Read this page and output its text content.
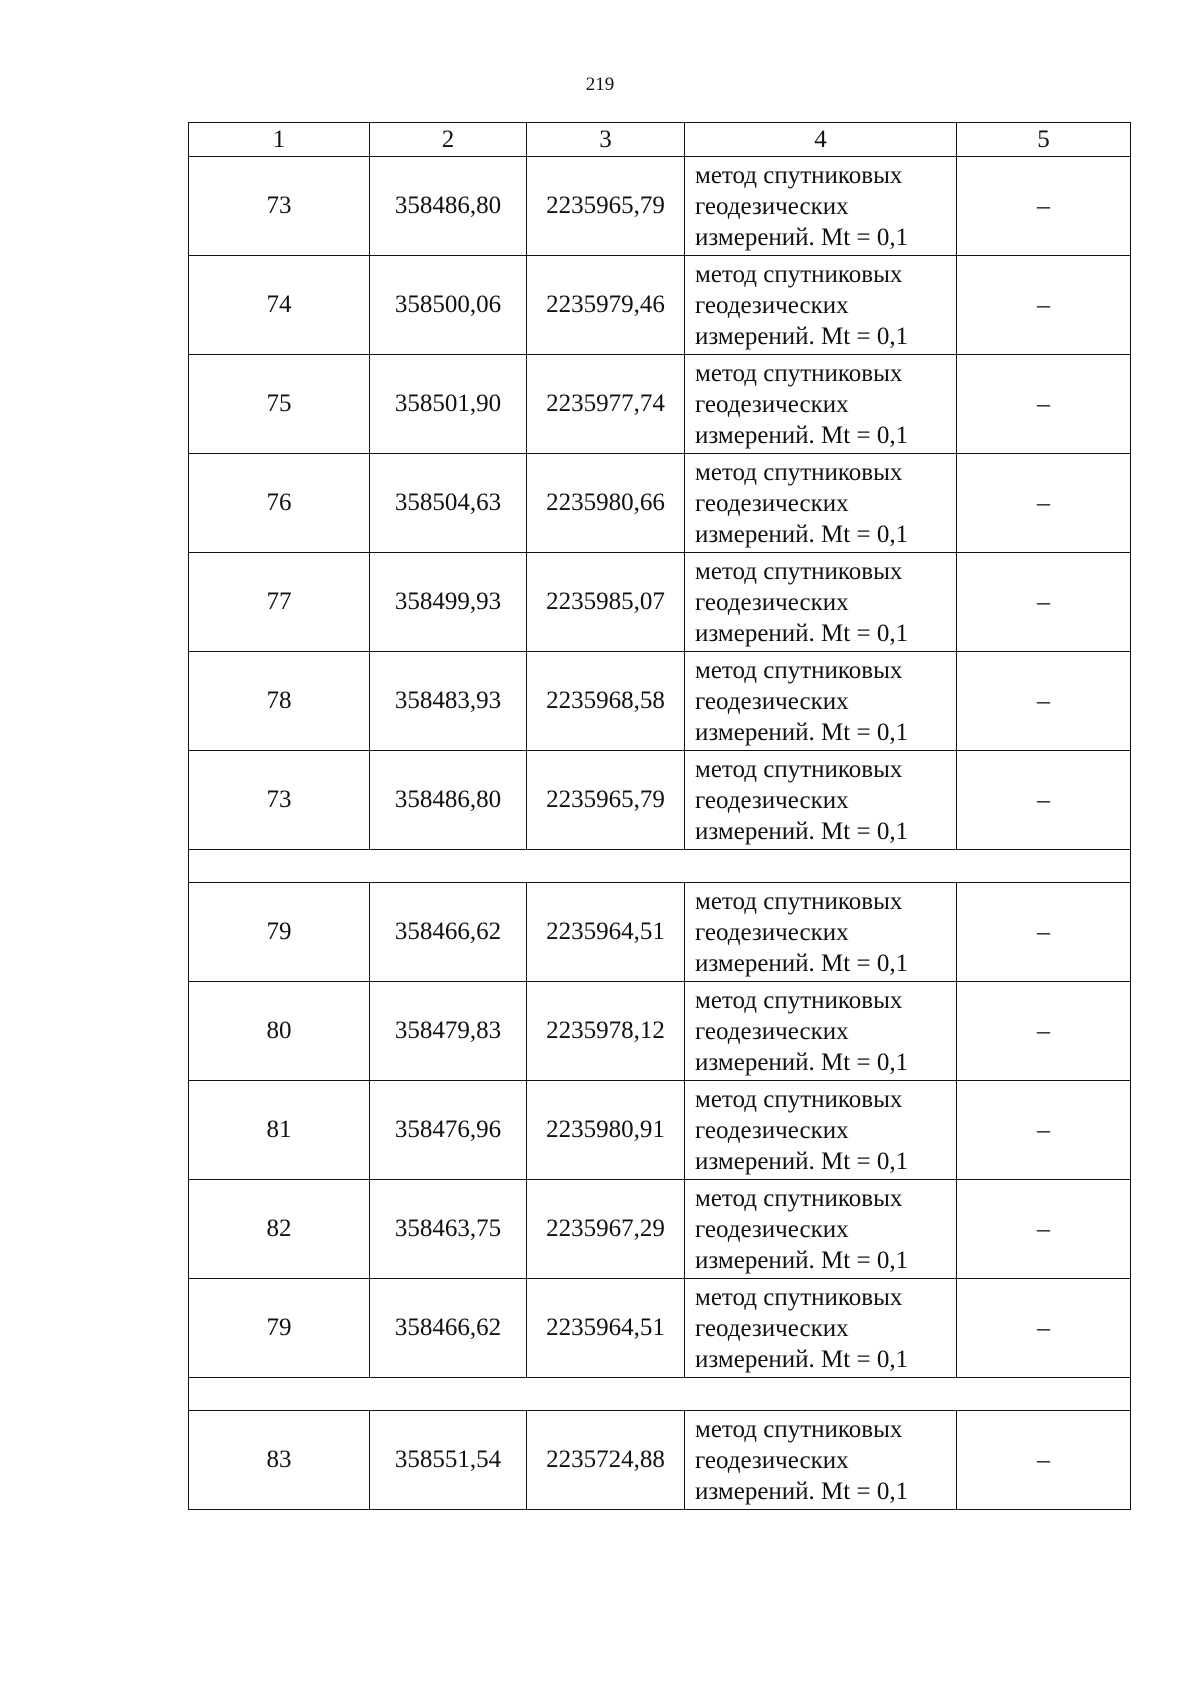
219
1	2	3	4	5
73	358486,80	2235965,79	метод спутниковых
геодезических
измерений. Mt = 0,1	–
74	358500,06	2235979,46	метод спутниковых
геодезических
измерений. Mt = 0,1	–
75	358501,90	2235977,74	метод спутниковых
геодезических
измерений. Mt = 0,1	–
76	358504,63	2235980,66	метод спутниковых
геодезических
измерений. Mt = 0,1	–
77	358499,93	2235985,07	метод спутниковых
геодезических
измерений. Mt = 0,1	–
78	358483,93	2235968,58	метод спутниковых
геодезических
измерений. Mt = 0,1	–
73	358486,80	2235965,79	метод спутниковых
геодезических
измерений. Mt = 0,1	–

79	358466,62	2235964,51	метод спутниковых
геодезических
измерений. Mt = 0,1	–
80	358479,83	2235978,12	метод спутниковых
геодезических
измерений. Mt = 0,1	–
81	358476,96	2235980,91	метод спутниковых
геодезических
измерений. Mt = 0,1	–
82	358463,75	2235967,29	метод спутниковых
геодезических
измерений. Mt = 0,1	–
79	358466,62	2235964,51	метод спутниковых
геодезических
измерений. Mt = 0,1	–

83	358551,54	2235724,88	метод спутниковых
геодезических
измерений. Mt = 0,1	–
